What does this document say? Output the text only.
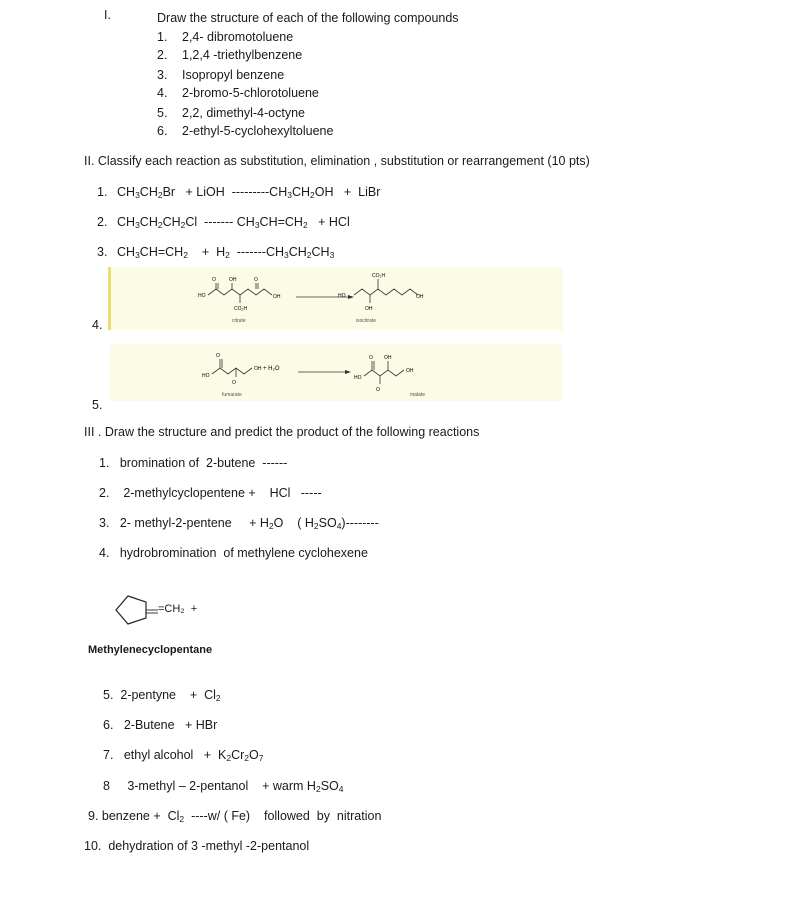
I.	Draw the structure of each of the following compounds
1. 2,4- dibromotoluene
2. 1,2,4 -triethylbenzene
3. Isopropyl benzene
4. 2-bromo-5-chlorotoluene
5. 2,2, dimethyl-4-octyne
6. 2-ethyl-5-cyclohexyltoluene
II. Classify each reaction as substitution, elimination , substitution or rearrangement (10 pts)
1. $CH_3CH_2Br$   + LiOH  $---------CH_3CH_2OH$   +  LiBr
2. $CH_3CH_2CH_2Cl$  ------- $CH_3CH=CH_2$   + HCl
3. $CH_3CH=CH_2$    +  $H_2$  $-------CH_3CH_2CH_3$
4.
5.
O	OH	O
HO	OH
CO₂H
citrate
CO₂H
HO	OH
OH
isocitrate
HO
OH
O
O
+ H₂O
fumarate
HO
OH
O OH
O
malate
III . Draw the structure and predict the product of the following reactions
1.   bromination of  2-butene  ------
2.    2-methylcyclopentene +    HCl   -----
3.   2- methyl-2-pentene     + $H_2O$    ( $H_2SO_4)--------$
4.   hydrobromination  of methylene cyclohexene
=CH₂  +
Methylenecyclopentane
5.  2-pentyne    +  $Cl_2$
6.   2-Butene   + HBr
7.   ethyl alcohol   +  $K_2Cr_2O_7$
8     3-methyl – 2-pentanol    + warm $H_2SO_4$
9. benzene +  $Cl_2$  ----w/ ( Fe)    followed  by  nitration
10.  dehydration of 3 -methyl -2-pentanol
